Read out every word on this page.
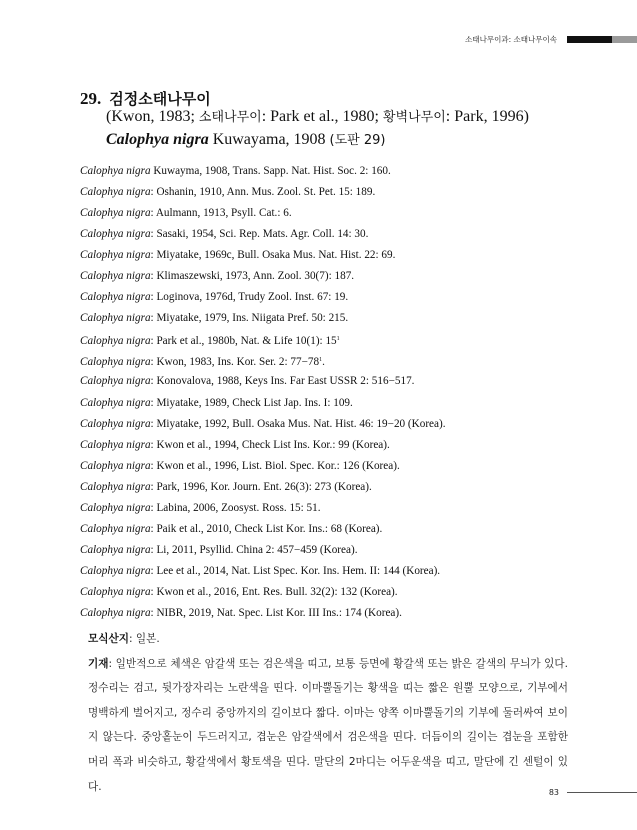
소태나무이과: 소태나무이속
29. 검정소태나무이
(Kwon, 1983; 소태나무이: Park et al., 1980; 황벽나무이: Park, 1996)
Calophya nigra Kuwayama, 1908 (도판 29)
Calophya nigra Kuwayma, 1908, Trans. Sapp. Nat. Hist. Soc. 2: 160.
Calophya nigra: Oshanin, 1910, Ann. Mus. Zool. St. Pet. 15: 189.
Calophya nigra: Aulmann, 1913, Psyll. Cat.: 6.
Calophya nigra: Sasaki, 1954, Sci. Rep. Mats. Agr. Coll. 14: 30.
Calophya nigra: Miyatake, 1969c, Bull. Osaka Mus. Nat. Hist. 22: 69.
Calophya nigra: Klimaszewski, 1973, Ann. Zool. 30(7): 187.
Calophya nigra: Loginova, 1976d, Trudy Zool. Inst. 67: 19.
Calophya nigra: Miyatake, 1979, Ins. Niigata Pref. 50: 215.
Calophya nigra: Park et al., 1980b, Nat. & Life 10(1): $15^1$
Calophya nigra: Kwon, 1983, Ins. Kor. Ser. 2: $77-78^1$.
Calophya nigra: Konovalova, 1988, Keys Ins. Far East USSR 2: 516−517.
Calophya nigra: Miyatake, 1989, Check List Jap. Ins. I: 109.
Calophya nigra: Miyatake, 1992, Bull. Osaka Mus. Nat. Hist. 46: 19−20 (Korea).
Calophya nigra: Kwon et al., 1994, Check List Ins. Kor.: 99 (Korea).
Calophya nigra: Kwon et al., 1996, List. Biol. Spec. Kor.: 126 (Korea).
Calophya nigra: Park, 1996, Kor. Journ. Ent. 26(3): 273 (Korea).
Calophya nigra: Labina, 2006, Zoosyst. Ross. 15: 51.
Calophya nigra: Paik et al., 2010, Check List Kor. Ins.: 68 (Korea).
Calophya nigra: Li, 2011, Psyllid. China 2: 457−459 (Korea).
Calophya nigra: Lee et al., 2014, Nat. List Spec. Kor. Ins. Hem. II: 144 (Korea).
Calophya nigra: Kwon et al., 2016, Ent. Res. Bull. 32(2): 132 (Korea).
Calophya nigra: NIBR, 2019, Nat. Spec. List Kor. III Ins.: 174 (Korea).

모식산지: 일본.

기재: 일반적으로 체색은 암갈색 또는 검은색을 띠고, 보통 등면에 황갈색 또는 밝은 갈색의 무늬가 있다. 정수리는 검고, 뒷가장자리는 노란색을 띤다. 이마뿔돌기는 황색을 띠는 짧은 원뿔 모양으로, 기부에서 명백하게 벌어지고, 정수리 중앙까지의 길이보다 짧다. 이마는 양쪽 이마뿔돌기의 기부에 둘러싸여 보이지 않는다. 중앙홑눈이 두드러지고, 겹눈은 암갈색에서 검은색을 띤다. 더듬이의 길이는 겹눈을 포함한 머리 폭과 비슷하고, 황갈색에서 황토색을 띤다. 말단의 2마디는 어두운색을 띠고, 말단에 긴 센털이 있다.	83
